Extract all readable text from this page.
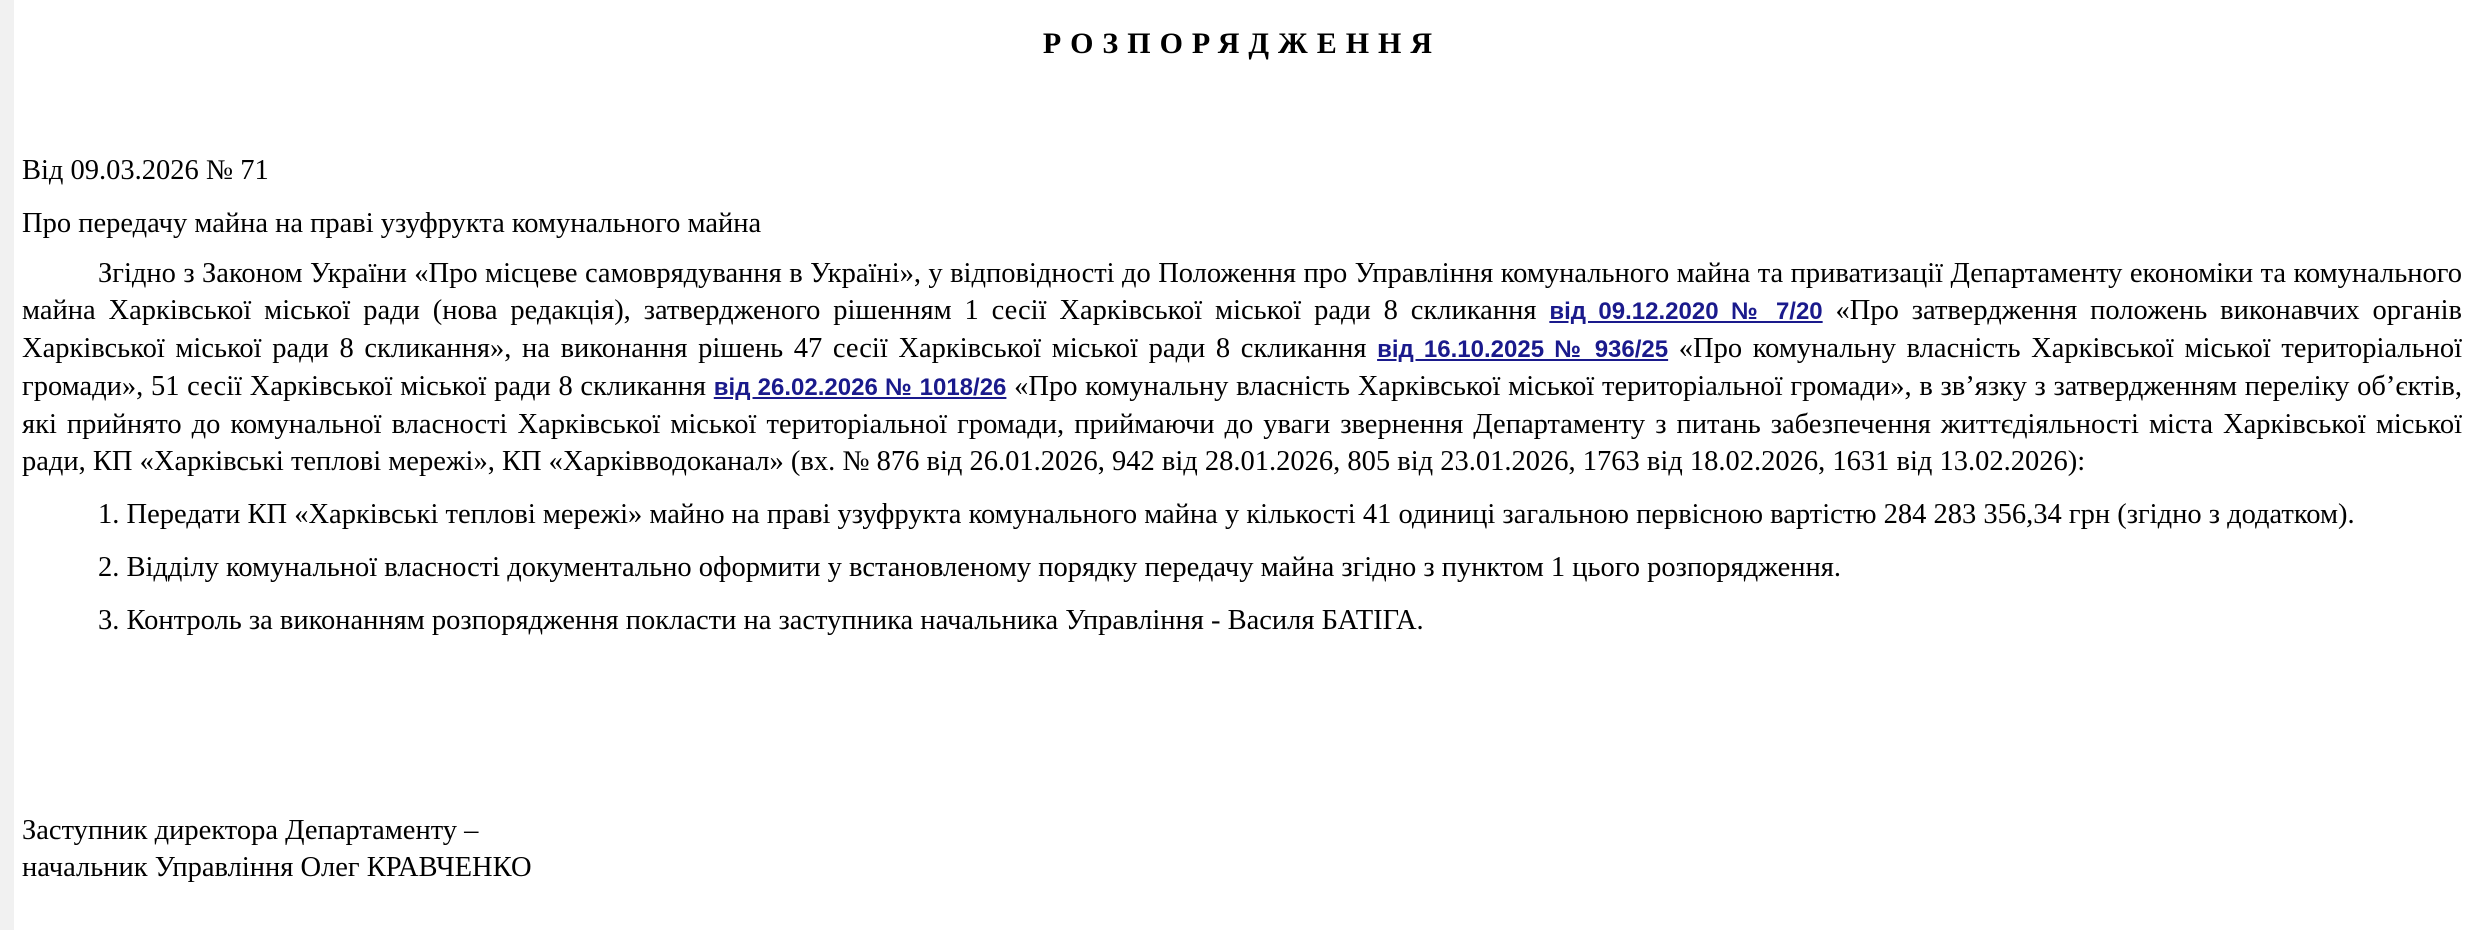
РОЗПОРЯДЖЕННЯ

Від 09.03.2026 № 71

Про передачу майна на праві узуфрукта комунального майна

Згідно з Законом України «Про місцеве самоврядування в Україні», у відповідності до Положення про Управління комунального майна та приватизації Департаменту економіки та комунального майна Харківської міської ради (нова редакція), затвердженого рішенням 1 сесії Харківської міської ради 8 скликання від 09.12.2020 № 7/20 «Про затвердження положень виконавчих органів Харківської міської ради 8 скликання», на виконання рішень 47 сесії Харківської міської ради 8 скликання від 16.10.2025 № 936/25 «Про комунальну власність Харківської міської територіальної громади», 51 сесії Харківської міської ради 8 скликання від 26.02.2026 № 1018/26 «Про комунальну власність Харківської міської територіальної громади», в зв’язку з затвердженням переліку об’єктів, які прийнято до комунальної власності Харківської міської територіальної громади, приймаючи до уваги звернення Департаменту з питань забезпечення життєдіяльності міста Харківської міської ради, КП «Харківські теплові мережі», КП «Харківводоканал» (вх. № 876 від 26.01.2026, 942 від 28.01.2026, 805 від 23.01.2026, 1763 від 18.02.2026, 1631 від 13.02.2026):

1. Передати КП «Харківські теплові мережі» майно на праві узуфрукта комунального майна у кількості 41 одиниці загальною первісною вартістю 284 283 356,34 грн (згідно з додатком).

2. Відділу комунальної власності документально оформити у встановленому порядку передачу майна згідно з пунктом 1 цього розпорядження.

3. Контроль за виконанням розпорядження покласти на заступника начальника Управління - Василя БАТІГА.

Заступник директора Департаменту –
начальник Управління Олег КРАВЧЕНКО
